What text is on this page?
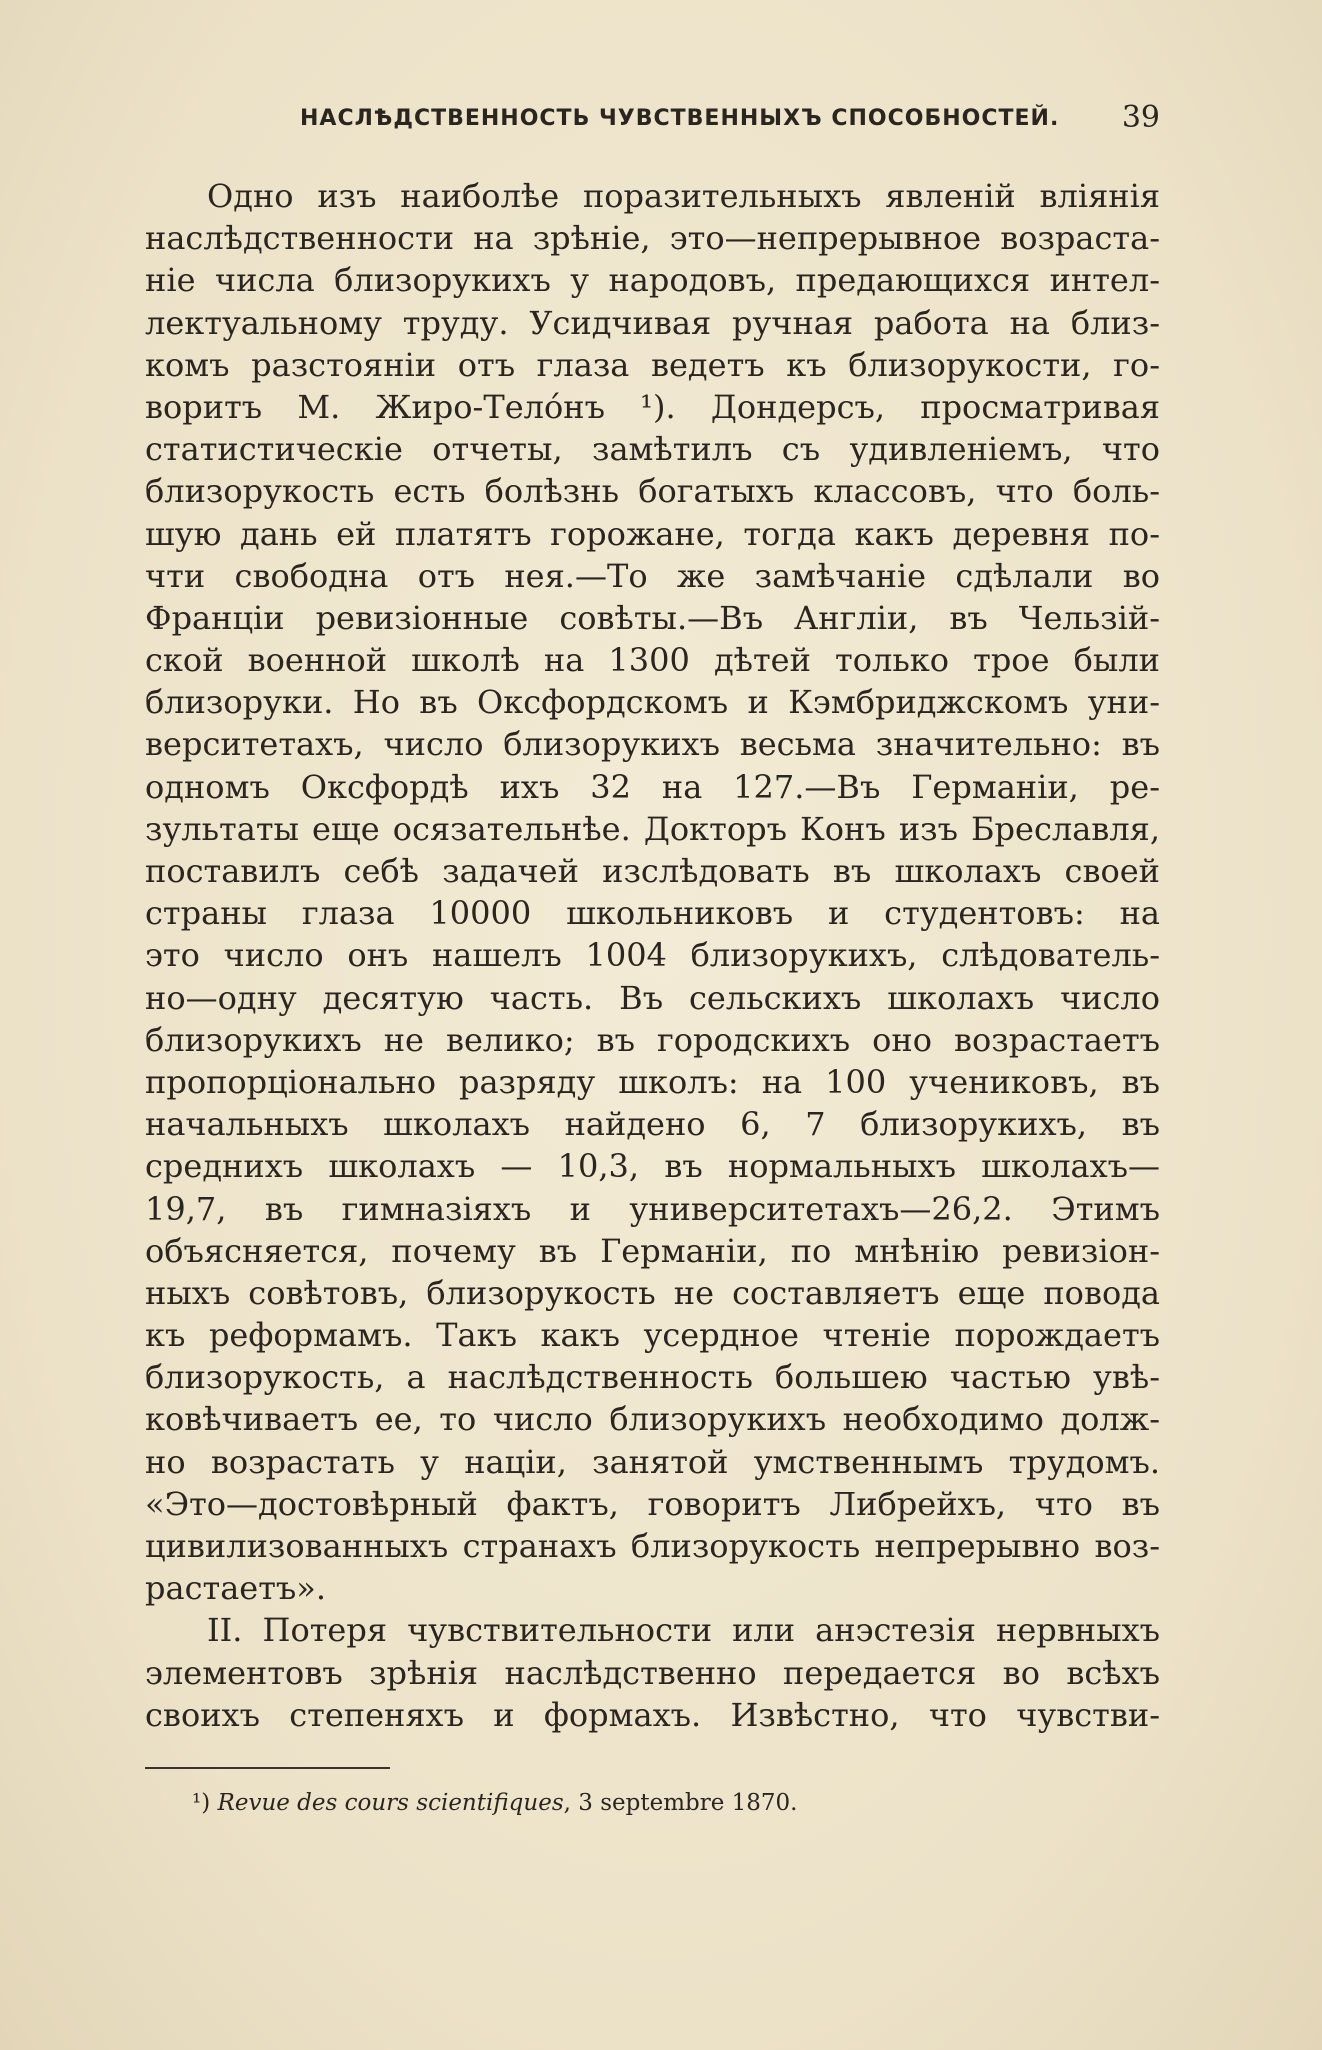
НАСЛѢДСТВЕННОСТЬ ЧУВСТВЕННЫХЪ СПОСОБНОСТЕЙ. 39
Одно изъ наиболѣе поразительныхъ явленій вліянія
наслѣдственности на зрѣніе, это—непрерывное возраста-
ніе числа близорукихъ у народовъ, предающихся интел-
лектуальному труду. Усидчивая ручная работа на близ-
комъ разстояніи отъ глаза ведетъ къ близорукости, го-
воритъ М. Жиро-Телóнъ ¹). Дондерсъ, просматривая
статистическіе отчеты, замѣтилъ съ удивленіемъ, что
близорукость есть болѣзнь богатыхъ классовъ, что боль-
шую дань ей платятъ горожане, тогда какъ деревня по-
чти свободна отъ нея.—То же замѣчаніе сдѣлали во
Франціи ревизіонные совѣты.—Въ Англіи, въ Чельзій-
ской военной школѣ на 1300 дѣтей только трое были
близоруки. Но въ Оксфордскомъ и Кэмбриджскомъ уни-
верситетахъ, число близорукихъ весьма значительно: въ
одномъ Оксфордѣ ихъ 32 на 127.—Въ Германіи, ре-
зультаты еще осязательнѣе. Докторъ Конъ изъ Бреславля,
поставилъ себѣ задачей изслѣдовать въ школахъ своей
страны глаза 10000 школьниковъ и студентовъ: на
это число онъ нашелъ 1004 близорукихъ, слѣдователь-
но—одну десятую часть. Въ сельскихъ школахъ число
близорукихъ не велико; въ городскихъ оно возрастаетъ
пропорціонально разряду школъ: на 100 учениковъ, въ
начальныхъ школахъ найдено 6, 7 близорукихъ, въ
среднихъ школахъ — 10,3, въ нормальныхъ школахъ—
19,7, въ гимназіяхъ и университетахъ—26,2. Этимъ
объясняется, почему въ Германіи, по мнѣнію ревизіон-
ныхъ совѣтовъ, близорукость не составляетъ еще повода
къ реформамъ. Такъ какъ усердное чтеніе порождаетъ
близорукость, а наслѣдственность большею частью увѣ-
ковѣчиваетъ ее, то число близорукихъ необходимо долж-
но возрастать у націи, занятой умственнымъ трудомъ.
«Это—достовѣрный фактъ, говоритъ Либрейхъ, что въ
цивилизованныхъ странахъ близорукость непрерывно воз-
растаетъ».
II. Потеря чувствительности или анэстезія нервныхъ
элементовъ зрѣнія наслѣдственно передается во всѣхъ
своихъ степеняхъ и формахъ. Извѣстно, что чувстви-
¹) Revue des cours scientifiques, 3 septembre 1870.
